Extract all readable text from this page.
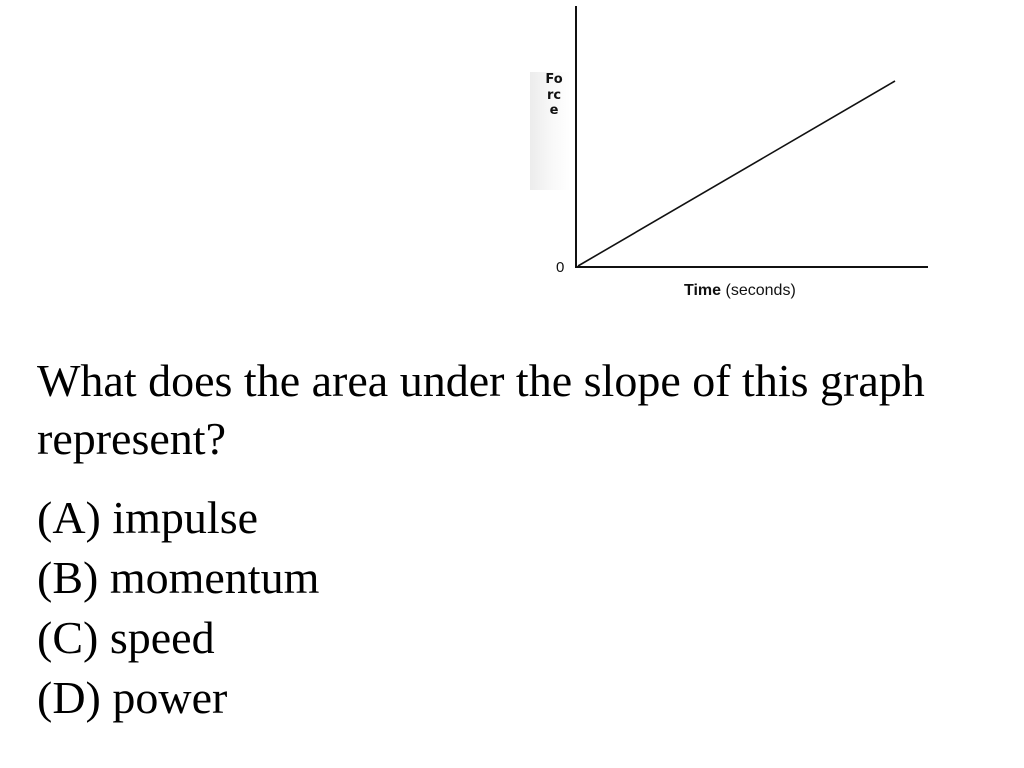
Force
0
Time (seconds)

What does the area under the slope of this graph represent?

(A) impulse
(B) momentum
(C) speed
(D) power
